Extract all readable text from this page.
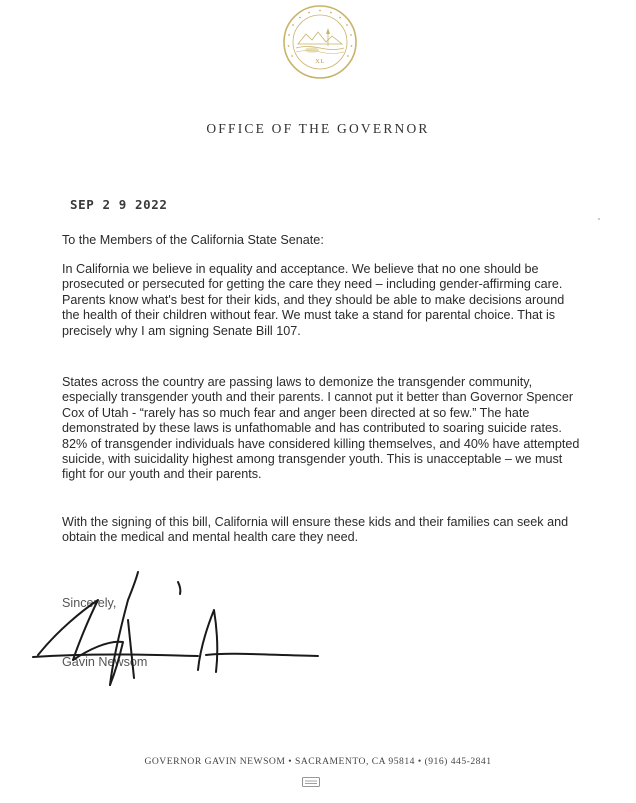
XL
OFFICE OF THE GOVERNOR
SEP 2 9 2022
To the Members of the California State Senate:
In California we believe in equality and acceptance. We believe that no one should be prosecuted or persecuted for getting the care they need – including gender-affirming care. Parents know what's best for their kids, and they should be able to make decisions around the health of their children without fear. We must take a stand for parental choice. That is precisely why I am signing Senate Bill 107.
States across the country are passing laws to demonize the transgender community, especially transgender youth and their parents. I cannot put it better than Governor Spencer Cox of Utah - “rarely has so much fear and anger been directed at so few.” The hate demonstrated by these laws is unfathomable and has contributed to soaring suicide rates. 82% of transgender individuals have considered killing themselves, and 40% have attempted suicide, with suicidality highest among transgender youth. This is unacceptable – we must fight for our youth and their parents.
With the signing of this bill, California will ensure these kids and their families can seek and obtain the medical and mental health care they need.
Sincerely,
Gavin Newsom
GOVERNOR GAVIN NEWSOM • SACRAMENTO, CA 95814 • (916) 445-2841
